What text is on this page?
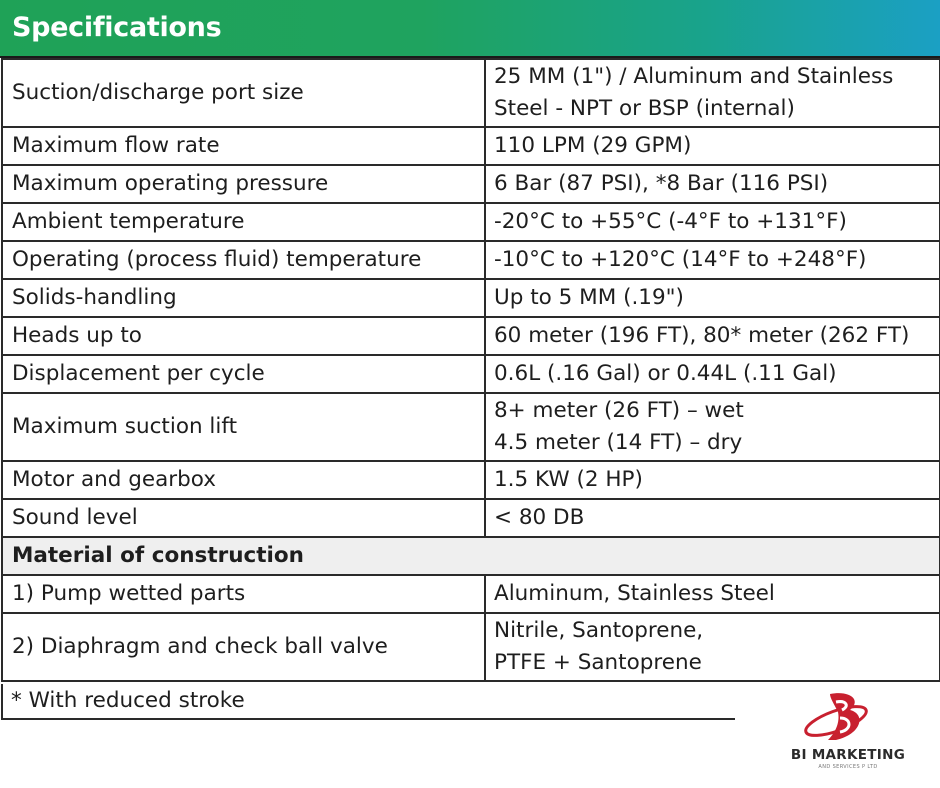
Specifications
Suction/discharge port size	25 MM (1") / Aluminum and Stainless
Steel - NPT or BSP (internal)
Maximum flow rate	110 LPM (29 GPM)
Maximum operating pressure	6 Bar (87 PSI), *8 Bar (116 PSI)
Ambient temperature	-20°C to +55°C (-4°F to +131°F)
Operating (process fluid) temperature	-10°C to +120°C (14°F to +248°F)
Solids-handling	Up to 5 MM (.19")
Heads up to	60 meter (196 FT), 80* meter (262 FT)
Displacement per cycle	0.6L (.16 Gal) or 0.44L (.11 Gal)
Maximum suction lift	8+ meter (26 FT) – wet
4.5 meter (14 FT) – dry
Motor and gearbox	1.5 KW (2 HP)
Sound level	< 80 DB
Material of construction	
1) Pump wetted parts	Aluminum, Stainless Steel
2) Diaphragm and check ball valve	Nitrile, Santoprene,
PTFE + Santoprene
* With reduced stroke
BI MARKETING
AND SERVICES P LTD
